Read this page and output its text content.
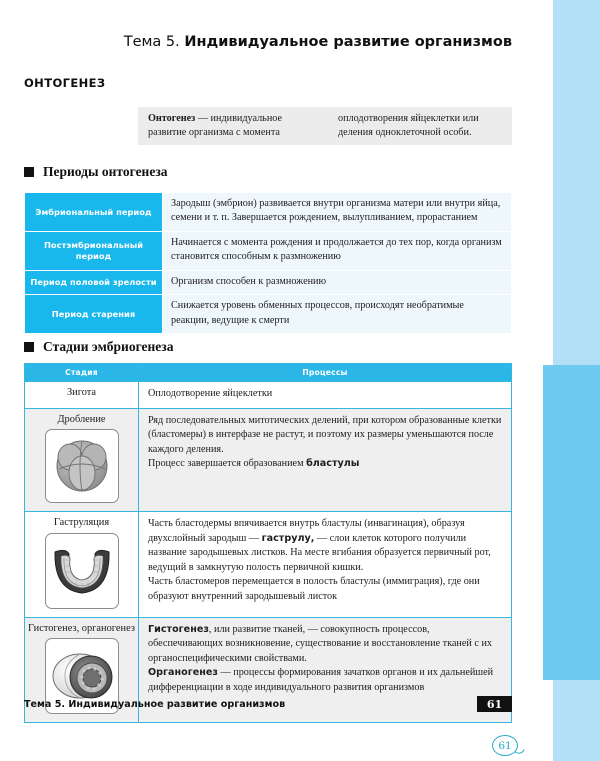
Тема 5. Индивидуальное развитие организмов
ОНТОГЕНЕЗ
Онтогенез — индивидуальное развитие организма с момента
оплодотворения яйцеклетки или деления одноклеточной особи.
Периоды онтогенеза
Эмбриональный период	Зародыш (эмбрион) развивается внутри организма матери или внутри яйца, семени и т. п. Завершается рождением, вылупливанием, прорастанием
Постэмбриональный период	Начинается с момента рождения и продолжается до тех пор, когда организм становится способным к размножению
Период половой зрелости	Организм способен к размножению
Период старения	Снижается уровень обменных процессов, происходят необратимые реакции, ведущие к смерти
Стадии эмбриогенеза
Стадия	Процессы

Зигота	Оплодотворение яйцеклетки

Дробление	Ряд последовательных митотических делений, при котором образованные клетки (бластомеры) в интерфазе не растут, и поэтому их размеры уменьшаются после каждого деления.
Процесс завершается образованием бластулы

Гаструляция	Часть бластодермы впячивается внутрь бластулы (инвагинация), образуя двухслойный зародыш — гаструлу, — слои клеток которого получили название зародышевых листков. На месте вгибания образуется первичный рот, ведущий в замкнутую полость первичной кишки.
Часть бластомеров перемещается в полость бластулы (иммиграция), где они образуют внутренний зародышевый листок

Гистогенез, органогенез	Гистогенез, или развитие тканей, — совокупность процессов, обеспечивающих возникновение, существование и восстановление тканей с их органоспецифическими свойствами.
Органогенез — процессы формирования зачатков органов и их дальнейшей дифференциации в ходе индивидуального развития организмов
Тема 5. Индивидуальное развитие организмов	61
61
